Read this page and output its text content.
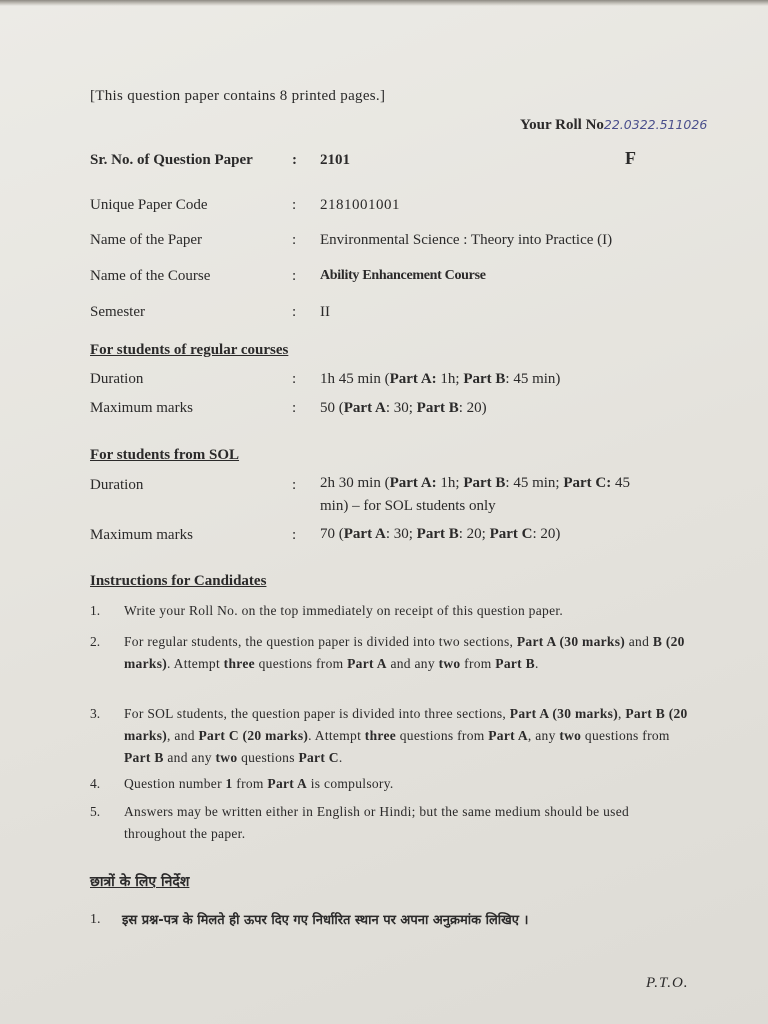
[This question paper contains 8 printed pages.]
Your Roll No22.0322.511026
F
Sr. No. of Question Paper	: 2101
Unique Paper Code	: 2181001001
Name of the Paper	: Environmental Science : Theory into Practice (I)
Name of the Course	: Ability Enhancement Course
Semester	: II
For students of regular courses
Duration	: 1h 45 min (Part A: 1h; Part B: 45 min)
Maximum marks	: 50 (Part A: 30; Part B: 20)
For students from SOL
Duration	: 2h 30 min (Part A: 1h; Part B: 45 min; Part C: 45
min) – for SOL students only
Maximum marks	: 70 (Part A: 30; Part B: 20; Part C: 20)
Instructions for Candidates
1. Write your Roll No. on the top immediately on receipt of this question paper.
2. For regular students, the question paper is divided into two sections, Part A (30 marks) and B (20 marks). Attempt three questions from Part A and any two from Part B.
3. For SOL students, the question paper is divided into three sections, Part A (30 marks), Part B (20 marks), and Part C (20 marks). Attempt three questions from Part A, any two questions from Part B and any two questions Part C.
4. Question number 1 from Part A is compulsory.
5. Answers may be written either in English or Hindi; but the same medium should be used throughout the paper.
छात्रों के लिए निर्देश
1. इस प्रश्न-पत्र के मिलते ही ऊपर दिए गए निर्धारित स्थान पर अपना अनुक्रमांक लिखिए ।
P.T.O.
